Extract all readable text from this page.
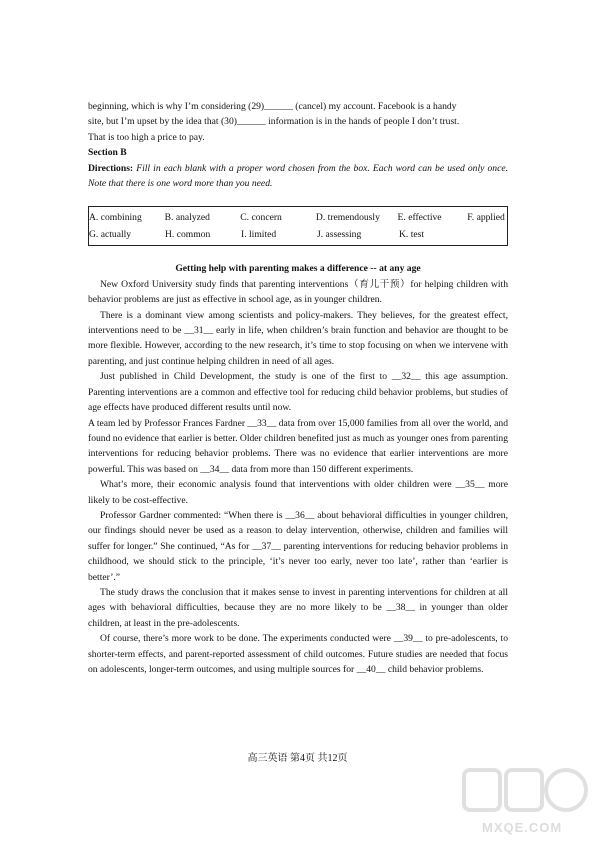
beginning, which is why I’m considering (29)______ (cancel) my account. Facebook is a handy

site, but I’m upset by the idea that (30)______ information is in the hands of people I don’t trust.

That is too high a price to pay.

Section B

Directions: Fill in each blank with a proper word chosen from the box. Each word can be used only once. Note that there is one word more than you need.

A. combining	B. analyzed	C. concern	D. tremendously	E. effective	F. applied
G. actually	H. common	I. limited	J. assessing	K. test

Getting help with parenting makes a difference -- at any age

New Oxford University study finds that parenting interventions（育儿干预）for helping children with behavior problems are just as effective in school age, as in younger children.

There is a dominant view among scientists and policy-makers. They believes, for the greatest effect, interventions need to be __31__ early in life, when children’s brain function and behavior are thought to be more flexible. However, according to the new research, it’s time to stop focusing on when we intervene with parenting, and just continue helping children in need of all ages.

Just published in Child Development, the study is one of the first to __32__ this age assumption. Parenting interventions are a common and effective tool for reducing child behavior problems, but studies of age effects have produced different results until now.

A team led by Professor Frances Fardner __33__ data from over 15,000 families from all over the world, and found no evidence that earlier is better. Older children benefited just as much as younger ones from parenting interventions for reducing behavior problems. There was no evidence that earlier interventions are more powerful. This was based on __34__ data from more than 150 different experiments.

What’s more, their economic analysis found that interventions with older children were __35__ more likely to be cost-effective.

Professor Gardner commented: “When there is __36__ about behavioral difficulties in younger children, our findings should never be used as a reason to delay intervention, otherwise, children and families will suffer for longer.” She continued, “As for __37__ parenting interventions for reducing behavior problems in childhood, we should stick to the principle, ‘it’s never too early, never too late’, rather than ‘earlier is better’.”

The study draws the conclusion that it makes sense to invest in parenting interventions for children at all ages with behavioral difficulties, because they are no more likely to be __38__ in younger than older children, at least in the pre-adolescents.

Of course, there’s more work to be done. The experiments conducted were __39__ to pre-adolescents, to shorter-term effects, and parent-reported assessment of child outcomes. Future studies are needed that focus on adolescents, longer-term outcomes, and using multiple sources for __40__ child behavior problems.

高三英语 第4页 共12页
MXQE.COM
